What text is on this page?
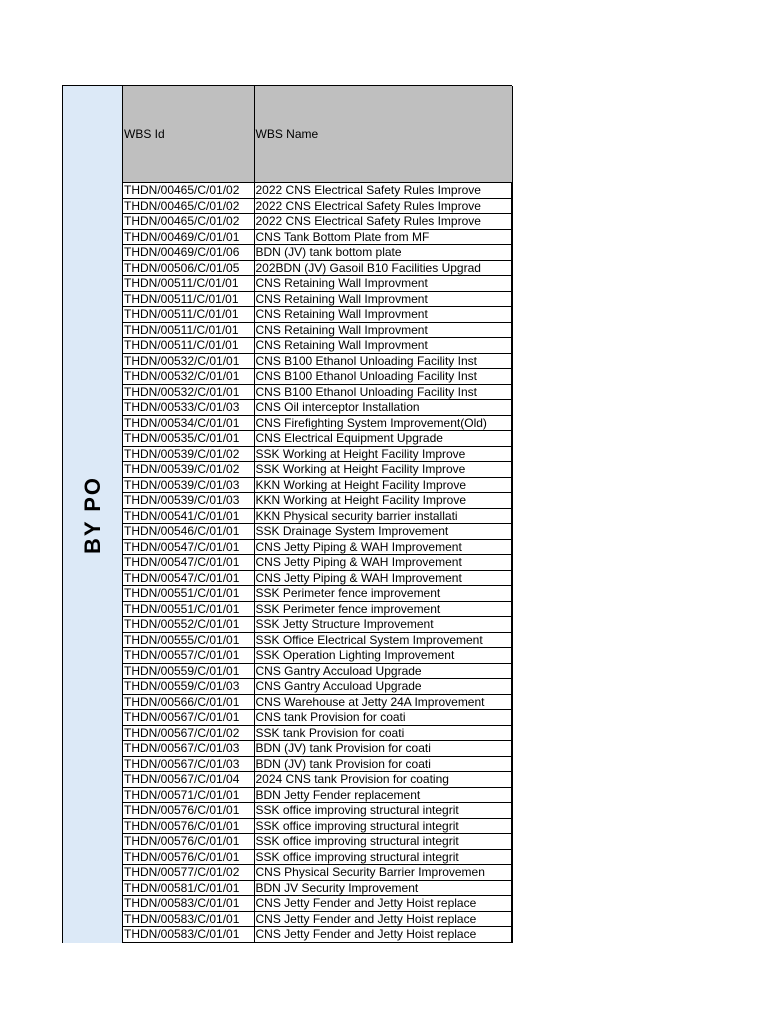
BY PO
WBS Id	WBS Name
THDN/00465/C/01/02	2022 CNS Electrical Safety Rules Improve
THDN/00465/C/01/02	2022 CNS Electrical Safety Rules Improve
THDN/00465/C/01/02	2022 CNS Electrical Safety Rules Improve
THDN/00469/C/01/01	CNS Tank Bottom Plate from MF
THDN/00469/C/01/06	BDN (JV) tank bottom plate
THDN/00506/C/01/05	202BDN (JV) Gasoil B10 Facilities Upgrad
THDN/00511/C/01/01	CNS Retaining Wall Improvment
THDN/00511/C/01/01	CNS Retaining Wall Improvment
THDN/00511/C/01/01	CNS Retaining Wall Improvment
THDN/00511/C/01/01	CNS Retaining Wall Improvment
THDN/00511/C/01/01	CNS Retaining Wall Improvment
THDN/00532/C/01/01	CNS B100 Ethanol Unloading Facility Inst
THDN/00532/C/01/01	CNS B100 Ethanol Unloading Facility Inst
THDN/00532/C/01/01	CNS B100 Ethanol Unloading Facility Inst
THDN/00533/C/01/03	CNS Oil interceptor Installation
THDN/00534/C/01/01	CNS Firefighting System Improvement(Old)
THDN/00535/C/01/01	CNS Electrical Equipment Upgrade
THDN/00539/C/01/02	SSK Working at Height Facility Improve
THDN/00539/C/01/02	SSK Working at Height Facility Improve
THDN/00539/C/01/03	KKN Working at Height Facility Improve
THDN/00539/C/01/03	KKN Working at Height Facility Improve
THDN/00541/C/01/01	KKN Physical security barrier installati
THDN/00546/C/01/01	SSK Drainage System Improvement
THDN/00547/C/01/01	CNS Jetty Piping & WAH Improvement
THDN/00547/C/01/01	CNS Jetty Piping & WAH Improvement
THDN/00547/C/01/01	CNS Jetty Piping & WAH Improvement
THDN/00551/C/01/01	SSK Perimeter fence improvement
THDN/00551/C/01/01	SSK Perimeter fence improvement
THDN/00552/C/01/01	SSK Jetty Structure Improvement
THDN/00555/C/01/01	SSK Office Electrical System Improvement
THDN/00557/C/01/01	SSK Operation Lighting Improvement
THDN/00559/C/01/01	CNS Gantry Accuload Upgrade
THDN/00559/C/01/03	CNS Gantry Accuload Upgrade
THDN/00566/C/01/01	CNS Warehouse at Jetty 24A Improvement
THDN/00567/C/01/01	CNS tank Provision for coati
THDN/00567/C/01/02	SSK tank Provision for coati
THDN/00567/C/01/03	BDN (JV) tank Provision for coati
THDN/00567/C/01/03	BDN (JV) tank Provision for coati
THDN/00567/C/01/04	2024 CNS tank Provision for coating
THDN/00571/C/01/01	BDN Jetty Fender replacement
THDN/00576/C/01/01	SSK office improving structural integrit
THDN/00576/C/01/01	SSK office improving structural integrit
THDN/00576/C/01/01	SSK office improving structural integrit
THDN/00576/C/01/01	SSK office improving structural integrit
THDN/00577/C/01/02	CNS Physical Security Barrier Improvemen
THDN/00581/C/01/01	BDN JV Security Improvement
THDN/00583/C/01/01	CNS Jetty Fender and Jetty Hoist replace
THDN/00583/C/01/01	CNS Jetty Fender and Jetty Hoist replace
THDN/00583/C/01/01	CNS Jetty Fender and Jetty Hoist replace
